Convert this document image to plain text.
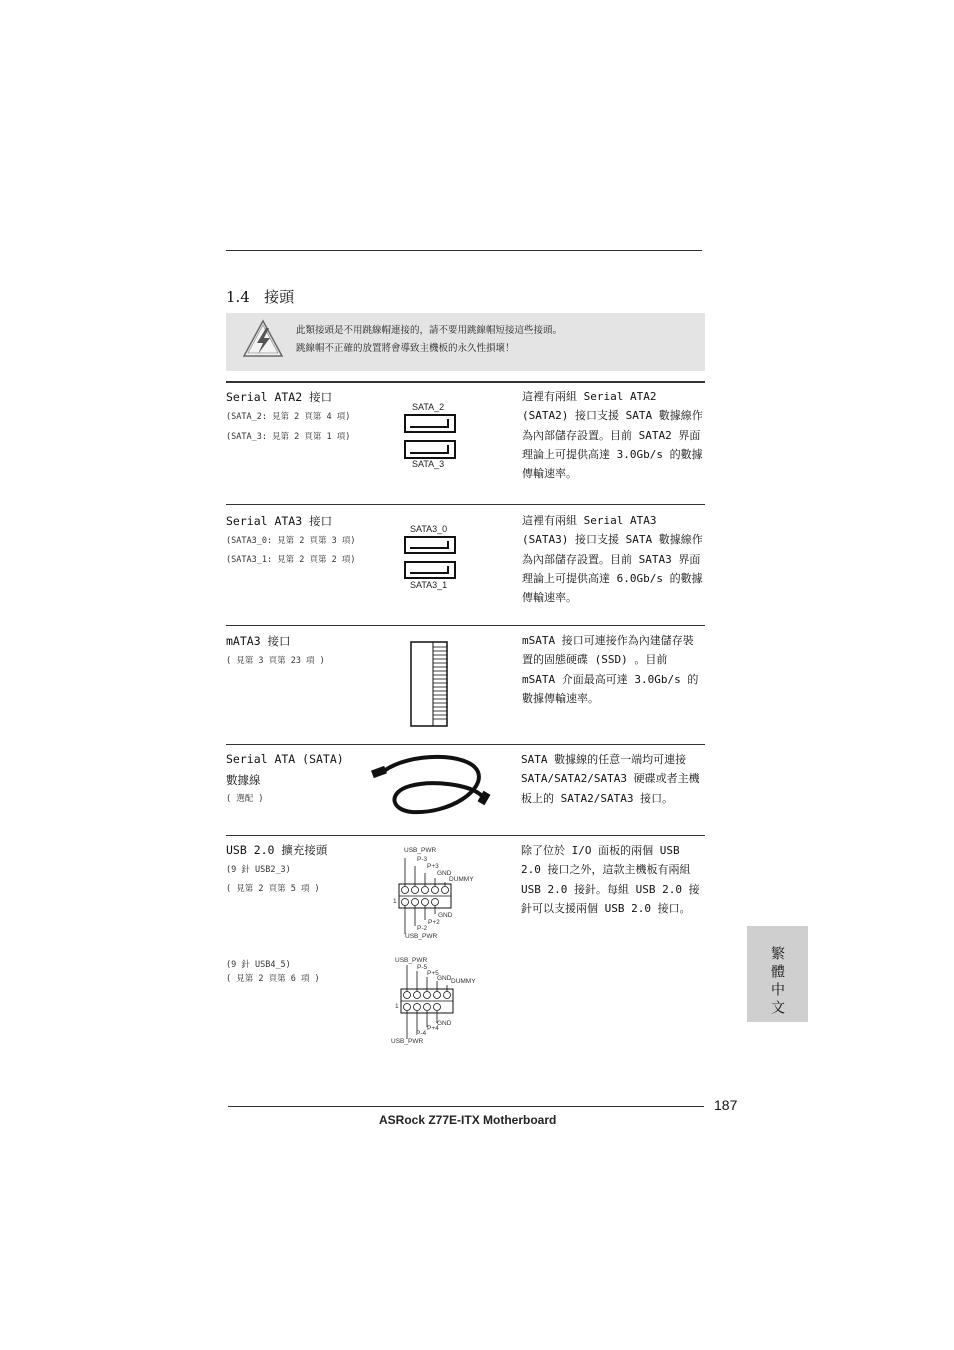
1.4 接頭
此類接頭是不用跳線帽連接的，請不要用跳線帽短接這些接頭。
跳線帽不正確的放置將會導致主機板的永久性損壞！
Serial ATA2 接口
(SATA_2: 見第 2 頁第 4 項)
(SATA_3: 見第 2 頁第 1 項)
SATA_2
SATA_3
這裡有兩組 Serial ATA2 (SATA2) 接口支援 SATA 數據線作為內部儲存設置。目前 SATA2 界面理論上可提供高達 3.0Gb/s 的數據傳輸速率。
Serial ATA3 接口
(SATA3_0: 見第 2 頁第 3 項)
(SATA3_1: 見第 2 頁第 2 項)
SATA3_0
SATA3_1
這裡有兩組 Serial ATA3 (SATA3) 接口支援 SATA 數據線作為內部儲存設置。目前 SATA3 界面理論上可提供高達 6.0Gb/s 的數據傳輸速率。
mATA3 接口
( 見第 3 頁第 23 項 )
mSATA 接口可連接作為內建儲存裝置的固態硬碟 (SSD) 。目前 mSATA 介面最高可達 3.0Gb/s 的數據傳輸速率。
Serial ATA (SATA)
數據線
( 選配 )
SATA 數據線的任意一端均可連接 SATA/SATA2/SATA3 硬碟或者主機板上的 SATA2/SATA3 接口。
USB 2.0 擴充接頭
(9 針 USB2_3)
( 見第 2 頁第 5 項 )
USB_PWR
P-3
P+3
GND
DUMMY
GND
P+2
P-2
USB_PWR
1
除了位於 I/O 面板的兩個 USB 2.0 接口之外，這款主機板有兩組 USB 2.0 接針。每組 USB 2.0 接針可以支援兩個 USB 2.0 接口。
(9 針 USB4_5)
( 見第 2 頁第 6 項 )
USB_PWR
P-5
P+5
GND DUMMY
GND
P+4
P-4
USB_PWR
1	繁體中文
187
ASRock Z77E-ITX Motherboard
